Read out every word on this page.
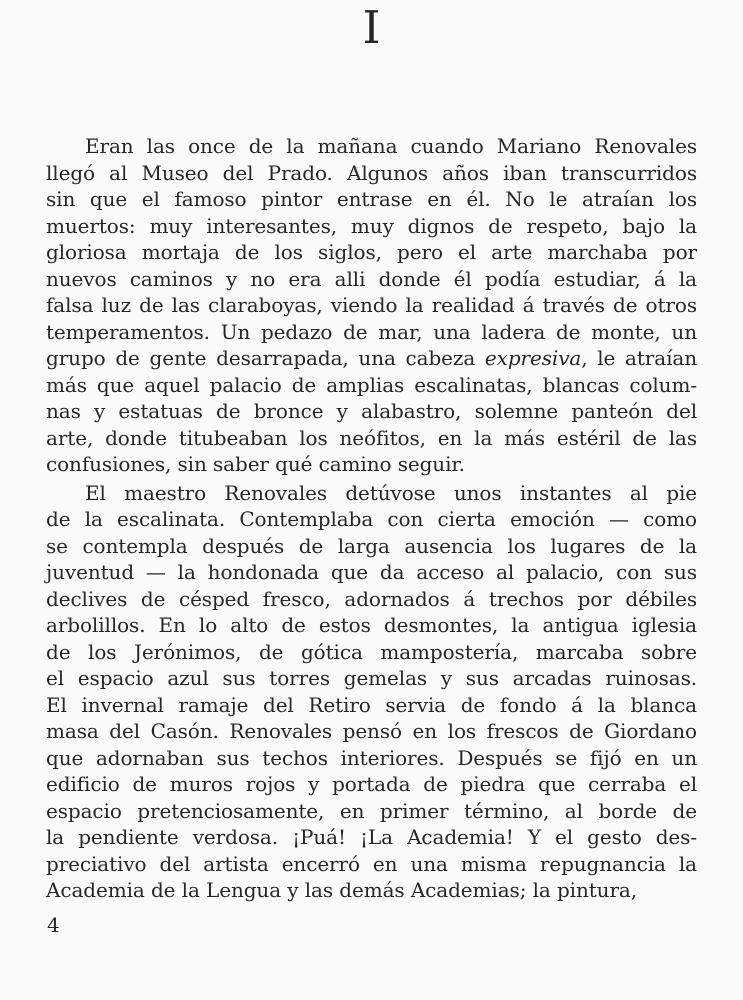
I
Eran las once de la mañana cuando Mariano Renovales
llegó al Museo del Prado. Algunos años iban transcurridos
sin que el famoso pintor entrase en él. No le atraían los
muertos: muy interesantes, muy dignos de respeto, bajo la
gloriosa mortaja de los siglos, pero el arte marchaba por
nuevos caminos y no era alli donde él podía estudiar, á la
falsa luz de las claraboyas, viendo la realidad á través de otros
temperamentos. Un pedazo de mar, una ladera de monte, un
grupo de gente desarrapada, una cabeza expresiva, le atraían
más que aquel palacio de amplias escalinatas, blancas colum-
nas y estatuas de bronce y alabastro, solemne panteón del
arte, donde titubeaban los neófitos, en la más estéril de las
confusiones, sin saber qué camino seguir.
El maestro Renovales detúvose unos instantes al pie
de la escalinata. Contemplaba con cierta emoción — como
se contempla después de larga ausencia los lugares de la
juventud — la hondonada que da acceso al palacio, con sus
declives de césped fresco, adornados á trechos por débiles
arbolillos. En lo alto de estos desmontes, la antigua iglesia
de los Jerónimos, de gótica mampostería, marcaba sobre
el espacio azul sus torres gemelas y sus arcadas ruinosas.
El invernal ramaje del Retiro servia de fondo á la blanca
masa del Casón. Renovales pensó en los frescos de Giordano
que adornaban sus techos interiores. Después se fijó en un
edificio de muros rojos y portada de piedra que cerraba el
espacio pretenciosamente, en primer término, al borde de
la pendiente verdosa. ¡Puá! ¡La Academia! Y el gesto des-
preciativo del artista encerró en una misma repugnancia la
Academia de la Lengua y las demás Academias; la pintura,
4
